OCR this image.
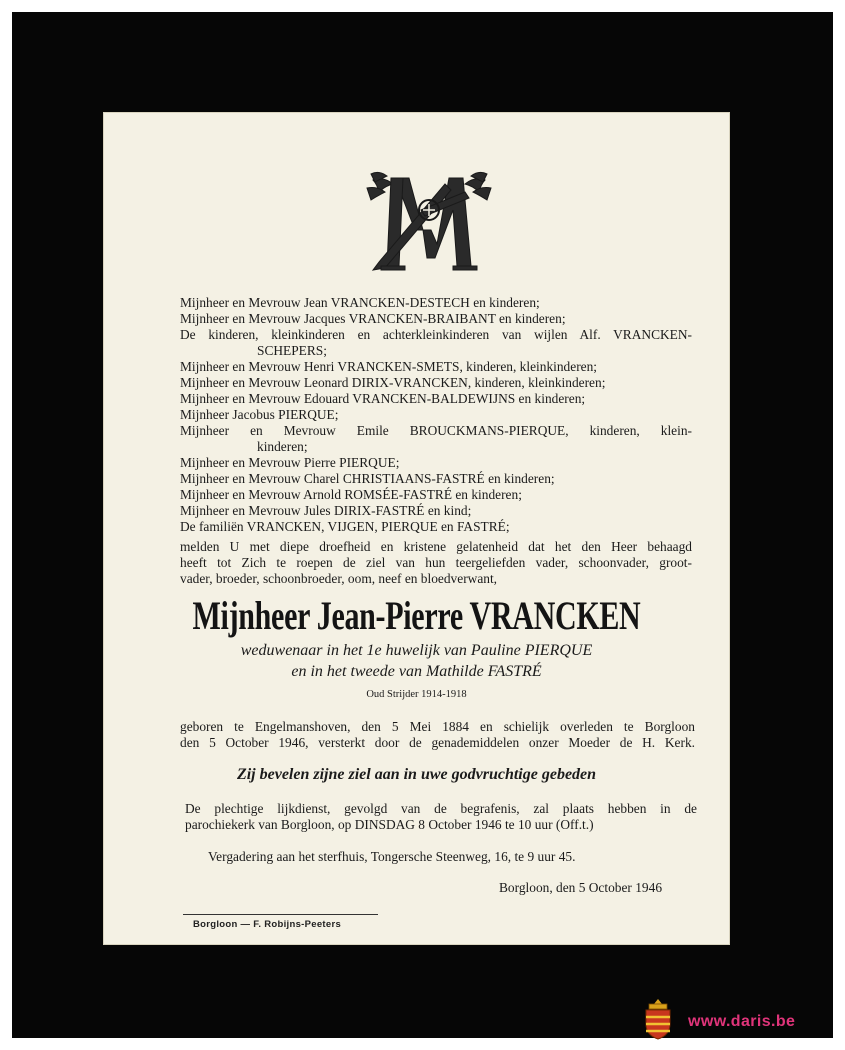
Mijnheer en Mevrouw Jean VRANCKEN-DESTECH en kinderen;
Mijnheer en Mevrouw Jacques VRANCKEN-BRAIBANT en kinderen;
De kinderen, kleinkinderen en achterkleinkinderen van wijlen Alf. VRANCKEN-
SCHEPERS;
Mijnheer en Mevrouw Henri VRANCKEN-SMETS, kinderen, kleinkinderen;
Mijnheer en Mevrouw Leonard DIRIX-VRANCKEN, kinderen, kleinkinderen;
Mijnheer en Mevrouw Edouard VRANCKEN-BALDEWIJNS en kinderen;
Mijnheer Jacobus PIERQUE;
Mijnheer en Mevrouw Emile BROUCKMANS-PIERQUE, kinderen, klein-
kinderen;
Mijnheer en Mevrouw Pierre PIERQUE;
Mijnheer en Mevrouw Charel CHRISTIAANS-FASTRÉ en kinderen;
Mijnheer en Mevrouw Arnold ROMSÉE-FASTRÉ en kinderen;
Mijnheer en Mevrouw Jules DIRIX-FASTRÉ en kind;
De familiën VRANCKEN, VIJGEN, PIERQUE en FASTRÉ;
melden U met diepe droefheid en kristene gelatenheid dat het den Heer behaagd
heeft tot Zich te roepen de ziel van hun teergeliefden vader, schoonvader, groot-
vader, broeder, schoonbroeder, oom, neef en bloedverwant,
Mijnheer Jean-Pierre VRANCKEN
weduwenaar in het 1e huwelijk van Pauline PIERQUE
en in het tweede van Mathilde FASTRÉ
Oud Strijder 1914-1918
geboren te Engelmanshoven, den 5 Mei 1884 en schielijk overleden te Borgloon
den 5 October 1946, versterkt door de genademiddelen onzer Moeder de H. Kerk.
Zij bevelen zijne ziel aan in uwe godvruchtige gebeden
De plechtige lijkdienst, gevolgd van de begrafenis, zal plaats hebben in de
parochiekerk van Borgloon, op DINSDAG 8 October 1946 te 10 uur (Off.t.)
Vergadering aan het sterfhuis, Tongersche Steenweg, 16, te 9 uur 45.
Borgloon, den 5 October 1946
Borgloon — F. Robijns-Peeters
www.daris.be
